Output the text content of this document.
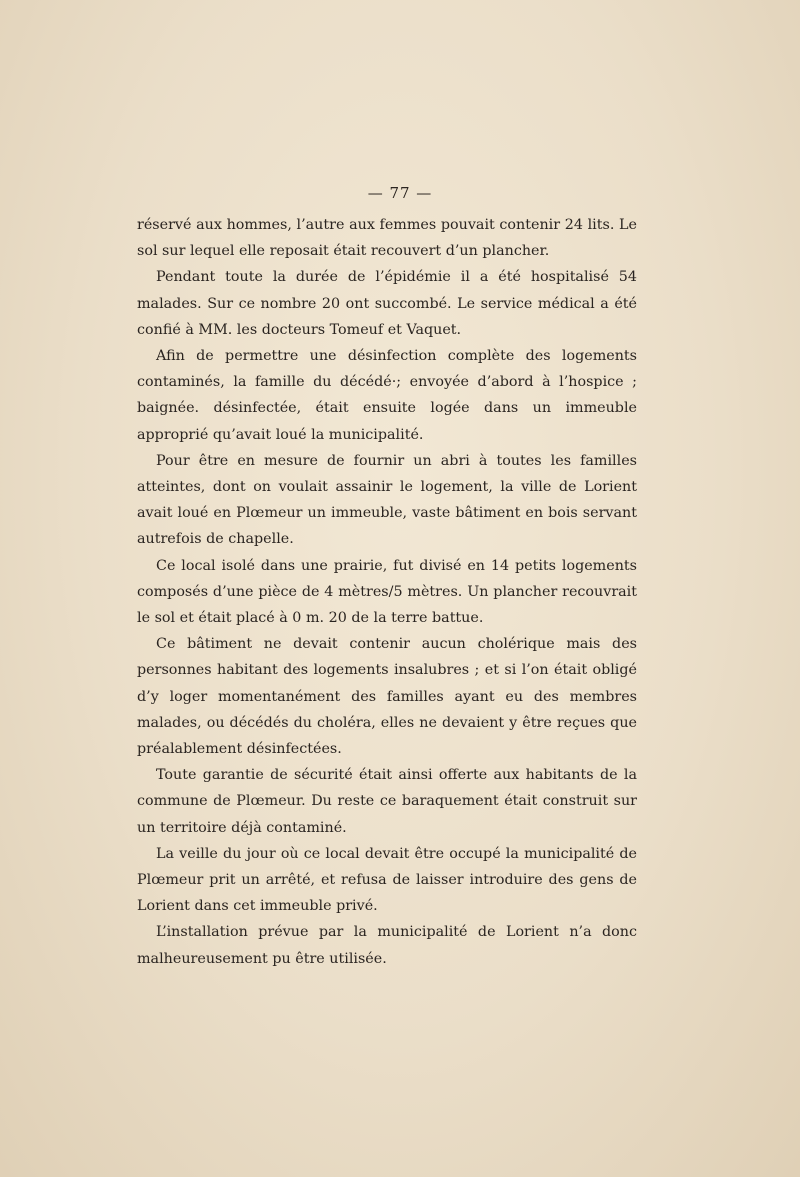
— 77 —

réservé aux hommes, l’autre aux femmes pouvait contenir 24 lits. Le sol sur lequel elle reposait était recouvert d’un plancher.

Pendant toute la durée de l’épidémie il a été hospitalisé 54 malades. Sur ce nombre 20 ont succombé. Le service médical a été confié à MM. les docteurs Tomeuf et Vaquet.

Afin de permettre une désinfection complète des logements contaminés, la famille du décédé·; envoyée d’abord à l’hospice ; baignée. désinfectée, était ensuite logée dans un immeuble approprié qu’avait loué la municipalité.

Pour être en mesure de fournir un abri à toutes les familles atteintes, dont on voulait assainir le logement, la ville de Lorient avait loué en Plœmeur un immeuble, vaste bâtiment en bois servant autrefois de chapelle.

Ce local isolé dans une prairie, fut divisé en 14 petits logements composés d’une pièce de 4 mètres/5 mètres. Un plancher recouvrait le sol et était placé à 0 m. 20 de la terre battue.

Ce bâtiment ne devait contenir aucun cholérique mais des personnes habitant des logements insalubres ; et si l’on était obligé d’y loger momentanément des familles ayant eu des membres malades, ou décédés du choléra, elles ne devaient y être reçues que préalablement désinfectées.

Toute garantie de sécurité était ainsi offerte aux habitants de la commune de Plœmeur. Du reste ce baraquement était construit sur un territoire déjà contaminé.

La veille du jour où ce local devait être occupé la municipalité de Plœmeur prit un arrêté, et refusa de laisser introduire des gens de Lorient dans cet immeuble privé.

L’installation prévue par la municipalité de Lorient n’a donc malheureusement pu être utilisée.
